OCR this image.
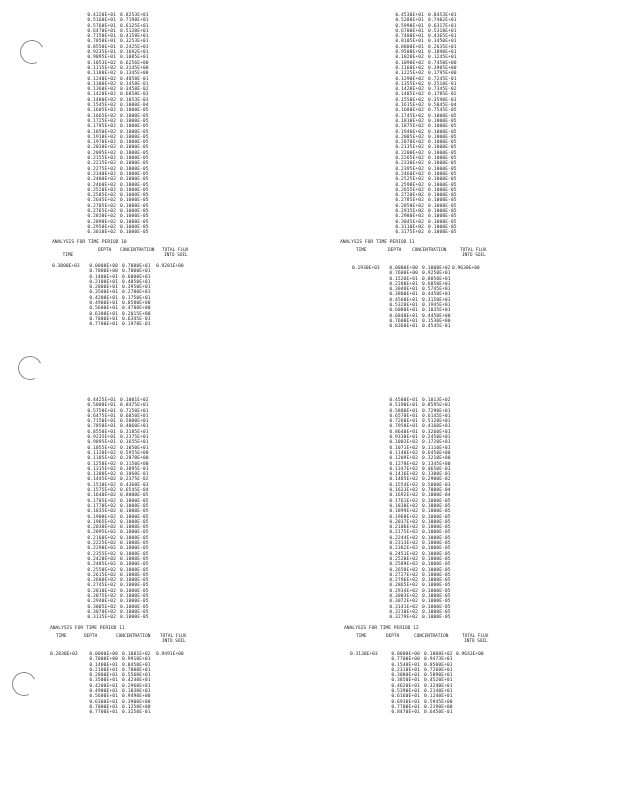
0.4320E+01 0.8253E+01
0.5160E+01 0.7198E+01
0.5760E+01 0.6125E+01
0.6470E+01 0.5120E+01
0.7150E+01 0.4158E+01
0.7850E+01 0.3253E+01
0.8550E+01 0.2425E+01
0.9235E+01 0.1692E+01
0.9895E+01 0.1085E+01
0.1053E+02 0.6256E+00
0.1115E+02 0.3145E+00
0.1180E+02 0.1345E+00
0.1240E+02 0.4858E-01
0.1300E+02 0.1458E-01
0.1360E+02 0.3458E-02
0.1420E+02 0.6858E-03
0.1480E+02 0.1053E-03
0.1545E+02 0.1000E-04
0.1605E+02 0.1000E-05
0.1665E+02 0.1000E-05
0.1725E+02 0.1000E-05
0.1785E+02 0.1000E-05
0.1850E+02 0.1000E-05
0.1910E+02 0.1000E-05
0.1970E+02 0.1000E-05
0.2030E+02 0.1000E-05
0.2095E+02 0.1000E-05
0.2155E+02 0.1000E-05
0.2215E+02 0.1000E-05
0.2275E+02 0.1000E-05
0.2340E+02 0.1000E-05
0.2400E+02 0.1000E-05
0.2460E+02 0.1000E-05
0.2520E+02 0.1000E-05
0.2585E+02 0.1000E-05
0.2645E+02 0.1000E-05
0.2705E+02 0.1000E-05
0.2765E+02 0.1000E-05
0.2830E+02 0.1000E-05
0.2890E+02 0.1000E-05
0.2950E+02 0.1000E-05
0.3010E+02 0.1000E-05
ANALYSIS FOR TIME PERIOD 10

TIME

DEPTH CONCENTRATION TOTAL FLUX
INTO SOIL
0.3800E+03	0.9281E+00
0.0000E+00 0.7800E+01
0.7000E+00 0.7000E+01
0.1400E+01 0.6000E+01
0.2100E+01 0.4850E+01
0.2800E+01 0.3950E+01
0.3500E+01 0.2780E+01
0.4200E+01 0.1750E+01
0.4900E+01 0.8580E+00
0.5600E+01 0.4780E+00
0.6300E+01 0.2015E+00
0.7000E+01 0.6345E-01
0.7700E+01 0.1978E-01
0.4530E+01 0.8453E+01
0.5280E+01 0.7402E+01
0.5990E+01 0.6317E+01
0.6700E+01 0.5310E+01
0.7400E+01 0.4365E+01
0.8105E+01 0.3450E+01
0.8800E+01 0.2635E+01
0.9500E+01 0.1890E+01
0.1020E+02 0.1245E+01
0.1090E+02 0.7450E+00
0.1160E+02 0.3905E+00
0.1225E+02 0.1795E+00
0.1290E+02 0.7245E-01
0.1355E+02 0.2510E-01
0.1420E+02 0.7345E-02
0.1485E+02 0.1785E-02
0.1550E+02 0.3590E-03
0.1615E+02 0.5845E-04
0.1680E+02 0.7545E-05
0.1745E+02 0.1000E-05
0.1810E+02 0.1000E-05
0.1875E+02 0.1000E-05
0.1940E+02 0.1000E-05
0.2005E+02 0.1000E-05
0.2070E+02 0.1000E-05
0.2135E+02 0.1000E-05
0.2200E+02 0.1000E-05
0.2265E+02 0.1000E-05
0.2330E+02 0.1000E-05
0.2395E+02 0.1000E-05
0.2460E+02 0.1000E-05
0.2525E+02 0.1000E-05
0.2590E+02 0.1000E-05
0.2655E+02 0.1000E-05
0.2720E+02 0.1000E-05
0.2785E+02 0.1000E-05
0.2850E+02 0.1000E-05
0.2915E+02 0.1000E-05
0.2980E+02 0.1000E-05
0.3045E+02 0.1000E-05
0.3110E+02 0.1000E-05
0.3175E+02 0.1000E-05
ANALYSIS FOR TIME PERIOD 11
TIME	DEPTH CONCENTRATION	TOTAL FLUX
INTO SOIL
0.1930E+03	0.9630E+00
0.0000E+00 0.1000E+02
0.7600E+00 0.9250E+01
0.1520E+01 0.8050E+01
0.2280E+01 0.6850E+01
0.3040E+01 0.5745E+01
0.3800E+01 0.4450E+01
0.4560E+01 0.3150E+01
0.5320E+01 0.1945E+01
0.6080E+01 0.1035E+01
0.6840E+01 0.4450E+00
0.7600E+01 0.1530E+00
0.8360E+01 0.4545E-01
0.4425E+01 0.1001E+02
0.5088E+01 0.8475E+01
0.5750E+01 0.7150E+01
0.6475E+01 0.6050E+01
0.7150E+01 0.5000E+01
0.7850E+01 0.4060E+01
0.8550E+01 0.3185E+01
0.9235E+01 0.2375E+01
0.9895E+01 0.1655E+01
0.1055E+02 0.1050E+01
0.1120E+02 0.5955E+00
0.1185E+02 0.2870E+00
0.1250E+02 0.1150E+00
0.1315E+02 0.3895E-01
0.1380E+02 0.1060E-01
0.1445E+02 0.2375E-02
0.1510E+02 0.4360E-03
0.1575E+02 0.6545E-04
0.1640E+02 0.8000E-05
0.1705E+02 0.1000E-05
0.1770E+02 0.1000E-05
0.1835E+02 0.1000E-05
0.1900E+02 0.1000E-05
0.1965E+02 0.1000E-05
0.2030E+02 0.1000E-05
0.2095E+02 0.1000E-05
0.2160E+02 0.1000E-05
0.2225E+02 0.1000E-05
0.2290E+02 0.1000E-05
0.2355E+02 0.1000E-05
0.2420E+02 0.1000E-05
0.2485E+02 0.1000E-05
0.2550E+02 0.1000E-05
0.2615E+02 0.1000E-05
0.2680E+02 0.1000E-05
0.2745E+02 0.1000E-05
0.2810E+02 0.1000E-05
0.2875E+02 0.1000E-05
0.2940E+02 0.1000E-05
0.3005E+02 0.1000E-05
0.3070E+02 0.1000E-05
0.3135E+02 0.1000E-05
ANALYSIS FOR TIME PERIOD 11
TIME	DEPTH	CONCENTRATION TOTAL FLUX
INTO SOIL
0.2830E+03	0.9491E+00
0.0000E+00 0.1081E+02
0.7000E+00 0.9910E+01
0.1400E+01 0.8450E+01
0.2100E+01 0.7000E+01
0.2800E+01 0.5560E+01
0.3500E+01 0.4240E+01
0.4200E+01 0.2960E+01
0.4900E+01 0.1830E+01
0.5600E+01 0.9490E+00
0.6300E+01 0.3900E+00
0.7000E+01 0.1250E+00
0.7700E+01 0.3250E-01
0.4500E+01 0.1013E+02
0.5190E+01 0.8595E+01
0.5880E+01 0.7290E+01
0.6570E+01 0.6145E+01
0.7260E+01 0.5120E+01
0.7950E+01 0.4160E+01
0.8640E+01 0.3260E+01
0.9330E+01 0.2450E+01
0.1002E+02 0.1720E+01
0.1071E+02 0.1110E+01
0.1140E+02 0.6450E+00
0.1209E+02 0.3210E+00
0.1278E+02 0.1345E+00
0.1347E+02 0.4650E-01
0.1416E+02 0.1300E-01
0.1485E+02 0.2900E-02
0.1554E+02 0.5000E-03
0.1623E+02 0.7000E-04
0.1692E+02 0.1000E-04
0.1761E+02 0.1000E-05
0.1830E+02 0.1000E-05
0.1899E+02 0.1000E-05
0.1968E+02 0.1000E-05
0.2037E+02 0.1000E-05
0.2106E+02 0.1000E-05
0.2175E+02 0.1000E-05
0.2244E+02 0.1000E-05
0.2313E+02 0.1000E-05
0.2382E+02 0.1000E-05
0.2451E+02 0.1000E-05
0.2520E+02 0.1000E-05
0.2589E+02 0.1000E-05
0.2658E+02 0.1000E-05
0.2727E+02 0.1000E-05
0.2796E+02 0.1000E-05
0.2865E+02 0.1000E-05
0.2934E+02 0.1000E-05
0.3003E+02 0.1000E-05
0.3072E+02 0.1000E-05
0.3141E+02 0.1000E-05
0.3210E+02 0.1000E-05
0.3279E+02 0.1000E-05
ANALYSIS FOR TIME PERIOD 12
TIME	DEPTH	CONCENTRATION	TOTAL FLUX
INTO SOIL
0.3130E+03	0.9643E+00
0.0000E+00 0.1008E+02
0.7700E+00 0.9473E+01
0.1540E+01 0.8500E+01
0.2310E+01 0.7260E+01
0.3080E+01 0.5890E+01
0.3850E+01 0.4520E+01
0.4620E+01 0.3240E+01
0.5390E+01 0.2140E+01
0.6160E+01 0.1240E+01
0.6930E+01 0.5945E+00
0.7700E+01 0.2190E+00
0.8470E+01 0.6450E-01
